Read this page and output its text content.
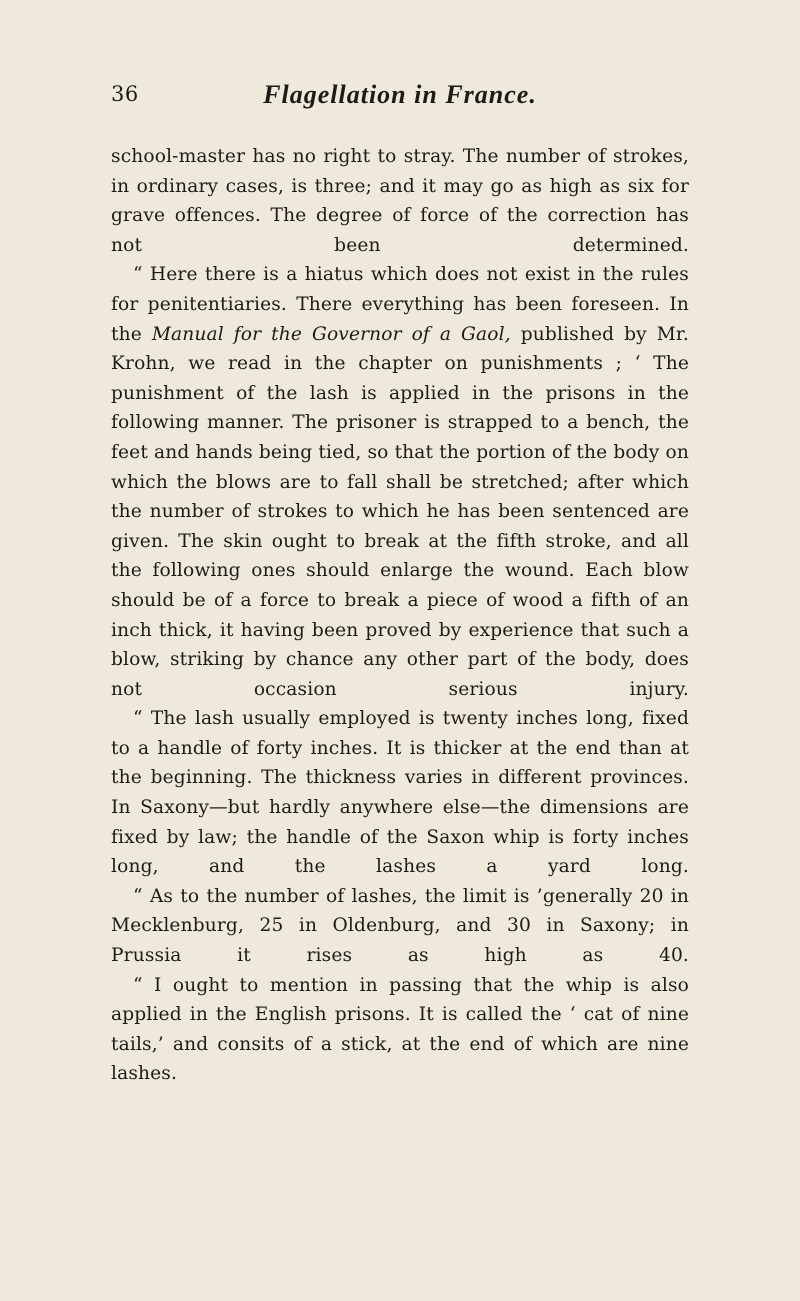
36	Flagellation in France.

school-master has no right to stray. The number of strokes, in ordinary cases, is three; and it may go as high as six for grave offences. The degree of force of the correction has not been determined.

“ Here there is a hiatus which does not exist in the rules for penitentiaries. There everything has been foreseen. In the Manual for the Governor of a Gaol, published by Mr. Krohn, we read in the chapter on punishments ; ‘ The punishment of the lash is applied in the prisons in the following manner. The prisoner is strapped to a bench, the feet and hands being tied, so that the portion of the body on which the blows are to fall shall be stretched; after which the number of strokes to which he has been sentenced are given. The skin ought to break at the fifth stroke, and all the following ones should enlarge the wound. Each blow should be of a force to break a piece of wood a fifth of an inch thick, it having been proved by experience that such a blow, striking by chance any other part of the body, does not occasion serious injury.

“ The lash usually employed is twenty inches long, fixed to a handle of forty inches. It is thicker at the end than at the beginning. The thickness varies in different provinces. In Saxony—but hardly anywhere else—the dimensions are fixed by law; the handle of the Saxon whip is forty inches long, and the lashes a yard long.

“ As to the number of lashes, the limit is ’generally 20 in Mecklenburg, 25 in Oldenburg, and 30 in Saxony; in Prussia it rises as high as 40.

“ I ought to mention in passing that the whip is also applied in the English prisons. It is called the ‘ cat of nine tails,’ and consits of a stick, at the end of which are nine lashes.
